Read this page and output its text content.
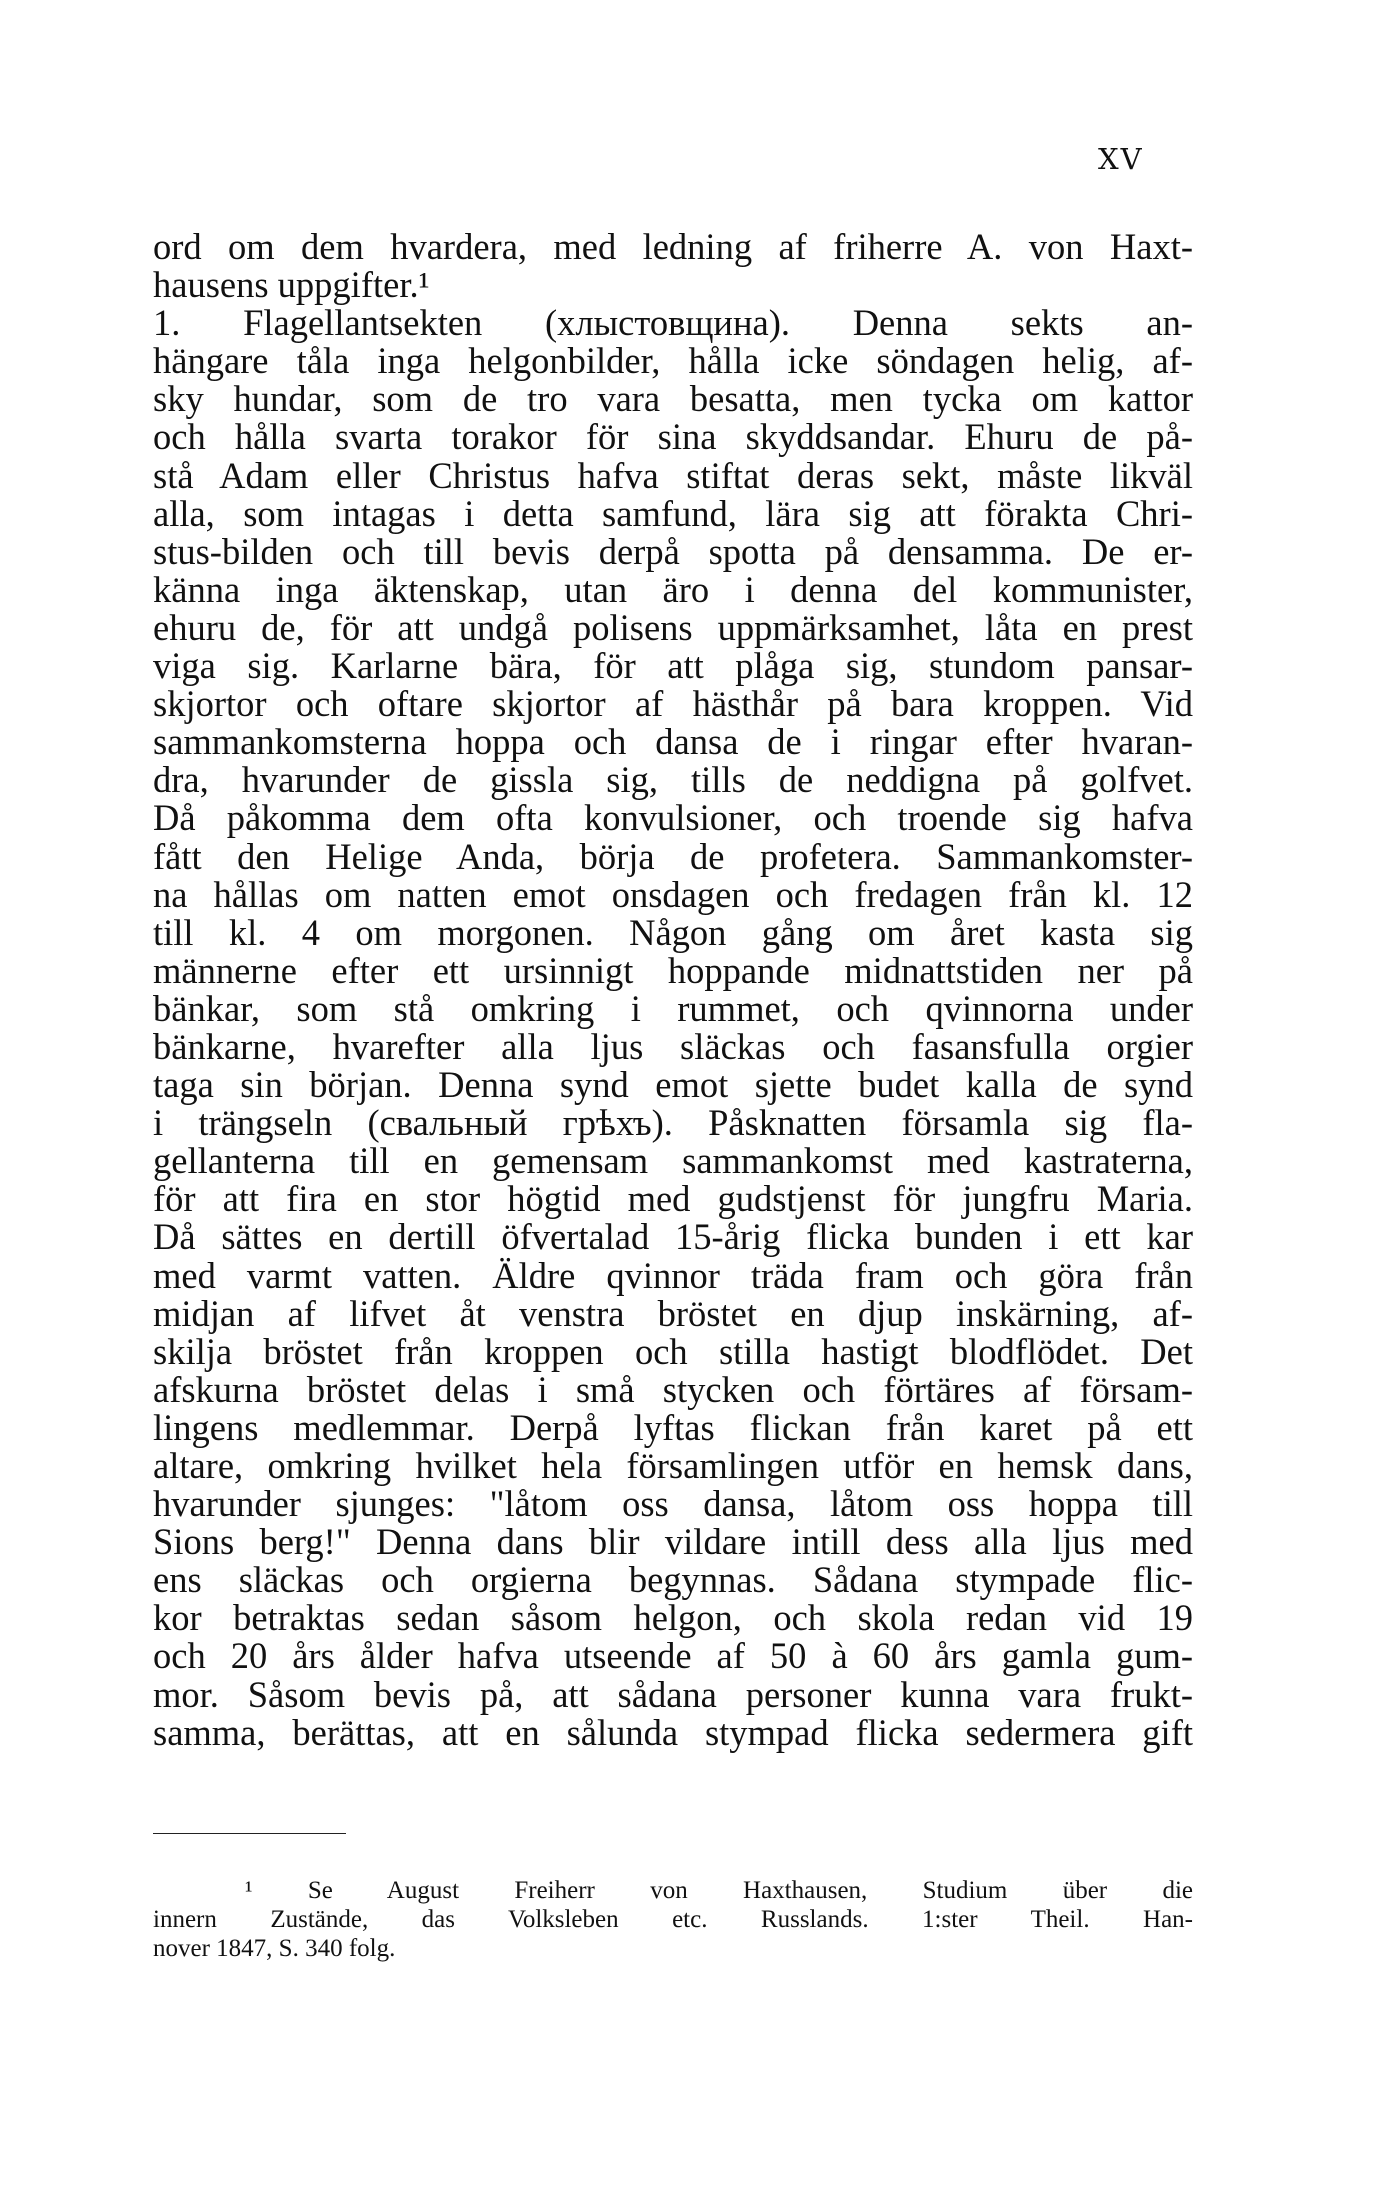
XV
ord om dem hvardera, med ledning af friherre A. von Haxt-
hausens uppgifter.¹
1. Flagellantsekten (хлыстовщина). Denna sekts an-
hängare tåla inga helgonbilder, hålla icke söndagen helig, af-
sky hundar, som de tro vara besatta, men tycka om kattor
och hålla svarta torakor för sina skyddsandar. Ehuru de på-
stå Adam eller Christus hafva stiftat deras sekt, måste likväl
alla, som intagas i detta samfund, lära sig att förakta Chri-
stus-bilden och till bevis derpå spotta på densamma. De er-
känna inga äktenskap, utan äro i denna del kommunister,
ehuru de, för att undgå polisens uppmärksamhet, låta en prest
viga sig. Karlarne bära, för att plåga sig, stundom pansar-
skjortor och oftare skjortor af hästhår på bara kroppen. Vid
sammankomsterna hoppa och dansa de i ringar efter hvaran-
dra, hvarunder de gissla sig, tills de neddigna på golfvet.
Då påkomma dem ofta konvulsioner, och troende sig hafva
fått den Helige Anda, börja de profetera. Sammankomster-
na hållas om natten emot onsdagen och fredagen från kl. 12
till kl. 4 om morgonen. Någon gång om året kasta sig
männerne efter ett ursinnigt hoppande midnattstiden ner på
bänkar, som stå omkring i rummet, och qvinnorna under
bänkarne, hvarefter alla ljus släckas och fasansfulla orgier
taga sin början. Denna synd emot sjette budet kalla de synd
i trängseln (свальный грѣхъ). Påsknatten församla sig fla-
gellanterna till en gemensam sammankomst med kastraterna,
för att fira en stor högtid med gudstjenst för jungfru Maria.
Då sättes en dertill öfvertalad 15-årig flicka bunden i ett kar
med varmt vatten. Äldre qvinnor träda fram och göra från
midjan af lifvet åt venstra bröstet en djup inskärning, af-
skilja bröstet från kroppen och stilla hastigt blodflödet. Det
afskurna bröstet delas i små stycken och förtäres af försam-
lingens medlemmar. Derpå lyftas flickan från karet på ett
altare, omkring hvilket hela församlingen utför en hemsk dans,
hvarunder sjunges: "låtom oss dansa, låtom oss hoppa till
Sions berg!" Denna dans blir vildare intill dess alla ljus med
ens släckas och orgierna begynnas. Sådana stympade flic-
kor betraktas sedan såsom helgon, och skola redan vid 19
och 20 års ålder hafva utseende af 50 à 60 års gamla gum-
mor. Såsom bevis på, att sådana personer kunna vara frukt-
samma, berättas, att en sålunda stympad flicka sedermera gift
¹ Se August Freiherr von Haxthausen, Studium über die
innern Zustände, das Volksleben etc. Russlands. 1:ster Theil. Han-
nover 1847, S. 340 folg.
